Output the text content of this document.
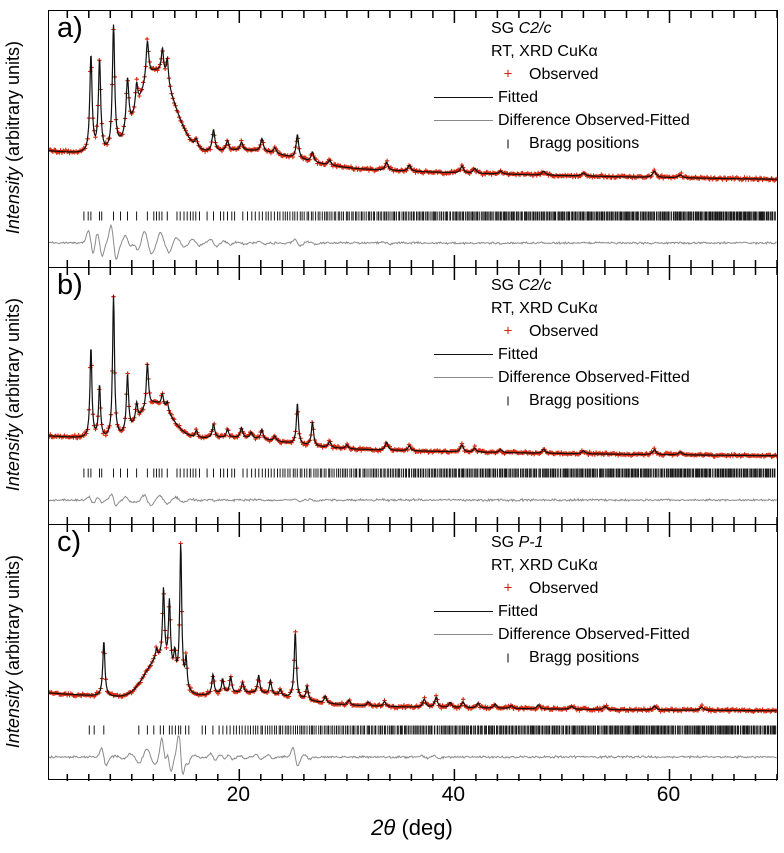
Intensity (arbitrary units)
Intensity (arbitrary units)
Intensity (arbitrary units)
a)	SG C2/c
RT, XRD CuKα
+ Observed
Fitted
Difference Observed-Fitted
Bragg positions
b)	SG C2/c
RT, XRD CuKα
+ Observed
Fitted
Difference Observed-Fitted
Bragg positions
c)	SG P-1
RT, XRD CuKα
+ Observed
Fitted
Difference Observed-Fitted
Bragg positions
20	40	60
2θ (deg)
